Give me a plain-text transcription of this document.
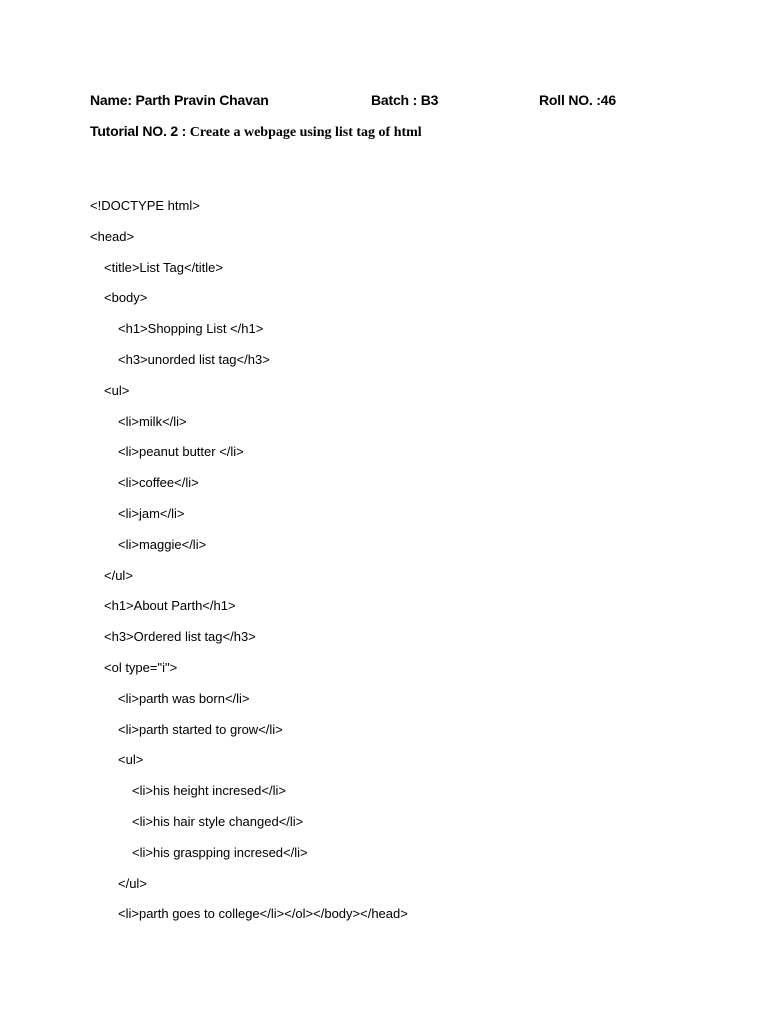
Name: Parth Pravin Chavan	Batch : B3	Roll NO. :46
Tutorial NO. 2 : Create a webpage using list tag of html
<!DOCTYPE html>
<head>
<title>List Tag</title>
<body>
<h1>Shopping List </h1>
<h3>unorded list tag</h3>
<ul>
<li>milk</li>
<li>peanut butter </li>
<li>coffee</li>
<li>jam</li>
<li>maggie</li>
</ul>
<h1>About Parth</h1>
<h3>Ordered list tag</h3>
<ol type="i">
<li>parth was born</li>
<li>parth started to grow</li>
<ul>
<li>his height incresed</li>
<li>his hair style changed</li>
<li>his graspping incresed</li>
</ul>
<li>parth goes to college</li></ol></body></head>
